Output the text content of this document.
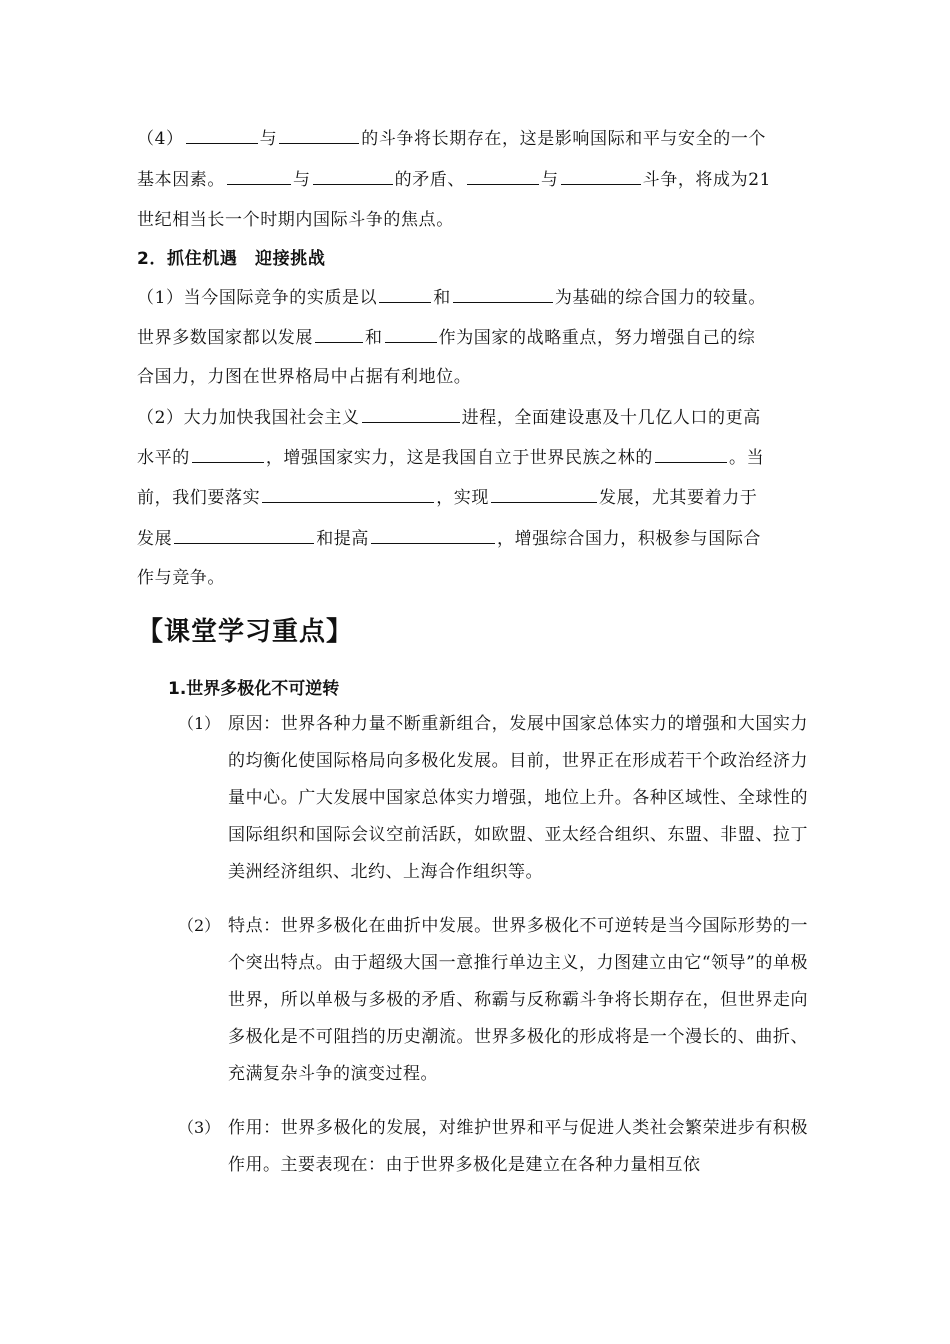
（4）	与	的斗争将长期存在，这是影响国际和平与安全的一个
基本因素。	与	的矛盾、	与	斗争，将成为21
世纪相当长一个时期内国际斗争的焦点。
2．抓住机遇　迎接挑战
（1）当今国际竞争的实质是以	和	为基础的综合国力的较量。
世界多数国家都以发展	和	作为国家的战略重点，努力增强自己的综
合国力，力图在世界格局中占据有利地位。
（2）大力加快我国社会主义	进程，全面建设惠及十几亿人口的更高
水平的	，增强国家实力，这是我国自立于世界民族之林的	。当
前，我们要落实	，实现	发展，尤其要着力于
发展	和提高	，增强综合国力，积极参与国际合
作与竞争。
【课堂学习重点】
1.世界多极化不可逆转
（1） 原因：世界各种力量不断重新组合，发展中国家总体实力的增强和大国实力的均衡化使国际格局向多极化发展。目前，世界正在形成若干个政治经济力量中心。广大发展中国家总体实力增强，地位上升。各种区域性、全球性的国际组织和国际会议空前活跃，如欧盟、亚太经合组织、东盟、非盟、拉丁美洲经济组织、北约、上海合作组织等。
（2） 特点：世界多极化在曲折中发展。世界多极化不可逆转是当今国际形势的一个突出特点。由于超级大国一意推行单边主义，力图建立由它“领导”的单极世界，所以单极与多极的矛盾、称霸与反称霸斗争将长期存在，但世界走向多极化是不可阻挡的历史潮流。世界多极化的形成将是一个漫长的、曲折、充满复杂斗争的演变过程。
（3） 作用：世界多极化的发展，对维护世界和平与促进人类社会繁荣进步有积极作用。主要表现在：由于世界多极化是建立在各种力量相互依
